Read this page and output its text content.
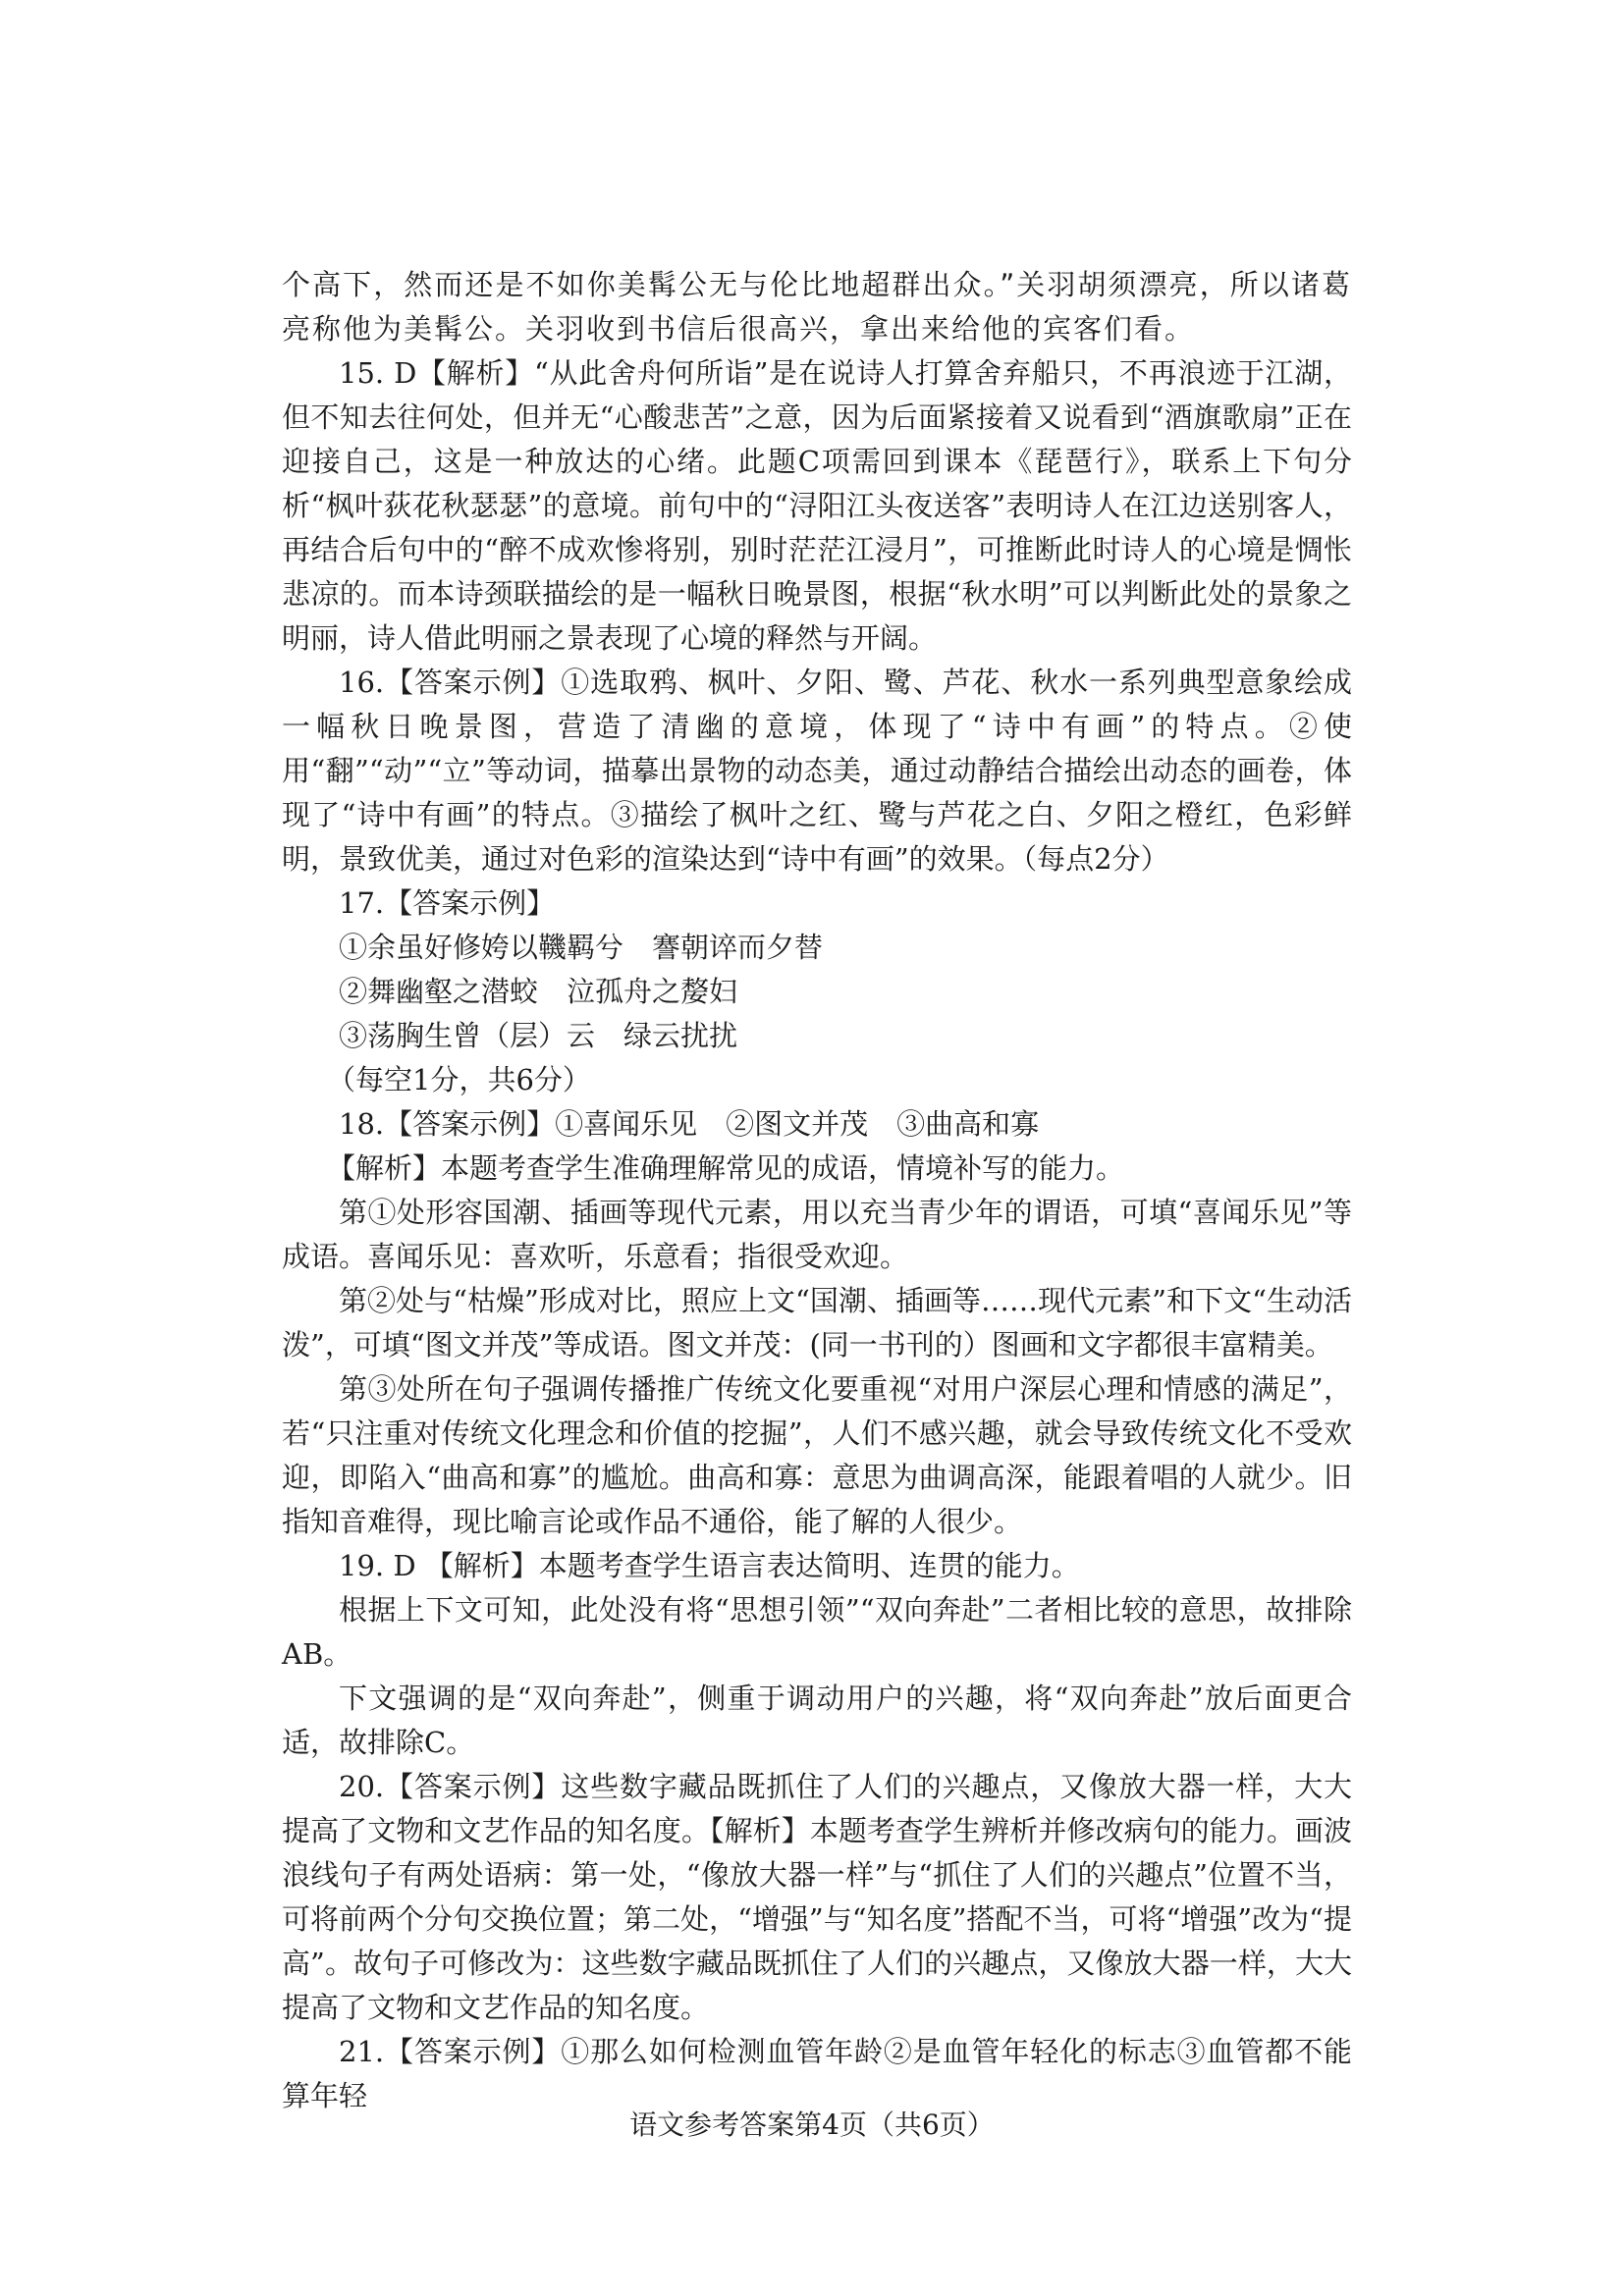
个高下，然而还是不如你美髯公无与伦比地超群出众。”关羽胡须漂亮，所以诸葛亮称他为美髯公。关羽收到书信后很高兴，拿出来给他的宾客们看。

15. D【解析】“从此舍舟何所诣”是在说诗人打算舍弃船只，不再浪迹于江湖，但不知去往何处，但并无“心酸悲苦”之意，因为后面紧接着又说看到“酒旗歌扇”正在迎接自己，这是一种放达的心绪。此题C项需回到课本《琵琶行》，联系上下句分析“枫叶荻花秋瑟瑟”的意境。前句中的“浔阳江头夜送客”表明诗人在江边送别客人，再结合后句中的“醉不成欢惨将别，别时茫茫江浸月”，可推断此时诗人的心境是惆怅悲凉的。而本诗颈联描绘的是一幅秋日晚景图，根据“秋水明”可以判断此处的景象之明丽，诗人借此明丽之景表现了心境的释然与开阔。

16.【答案示例】①选取鸦、枫叶、夕阳、鹭、芦花、秋水一系列典型意象绘成一幅秋日晚景图，营造了清幽的意境，体现了“诗中有画”的特点。②使用“翻”“动”“立”等动词，描摹出景物的动态美，通过动静结合描绘出动态的画卷，体现了“诗中有画”的特点。③描绘了枫叶之红、鹭与芦花之白、夕阳之橙红，色彩鲜明，景致优美，通过对色彩的渲染达到“诗中有画”的效果。（每点2分）

17.【答案示例】

①余虽好修姱以鞿羁兮　謇朝谇而夕替

②舞幽壑之潜蛟　泣孤舟之嫠妇

③荡胸生曾（层）云　绿云扰扰

（每空1分，共6分）

18.【答案示例】①喜闻乐见　②图文并茂　③曲高和寡

【解析】本题考查学生准确理解常见的成语，情境补写的能力。

第①处形容国潮、插画等现代元素，用以充当青少年的谓语，可填“喜闻乐见”等成语。喜闻乐见：喜欢听，乐意看；指很受欢迎。

第②处与“枯燥”形成对比，照应上文“国潮、插画等……现代元素”和下文“生动活泼”，可填“图文并茂”等成语。图文并茂：(同一书刊的）图画和文字都很丰富精美。

第③处所在句子强调传播推广传统文化要重视“对用户深层心理和情感的满足”，若“只注重对传统文化理念和价值的挖掘”，人们不感兴趣，就会导致传统文化不受欢迎，即陷入“曲高和寡”的尴尬。曲高和寡：意思为曲调高深，能跟着唱的人就少。旧指知音难得，现比喻言论或作品不通俗，能了解的人很少。

19. D 【解析】本题考查学生语言表达简明、连贯的能力。

根据上下文可知，此处没有将“思想引领”“双向奔赴”二者相比较的意思，故排除AB。

下文强调的是“双向奔赴”，侧重于调动用户的兴趣，将“双向奔赴”放后面更合适，故排除C。

20.【答案示例】这些数字藏品既抓住了人们的兴趣点，又像放大器一样，大大提高了文物和文艺作品的知名度。【解析】本题考查学生辨析并修改病句的能力。画波浪线句子有两处语病：第一处，“像放大器一样”与“抓住了人们的兴趣点”位置不当，可将前两个分句交换位置；第二处，“增强”与“知名度”搭配不当，可将“增强”改为“提高”。故句子可修改为：这些数字藏品既抓住了人们的兴趣点，又像放大器一样，大大提高了文物和文艺作品的知名度。

21.【答案示例】①那么如何检测血管年龄②是血管年轻化的标志③血管都不能算年轻

语文参考答案第4页（共6页）
